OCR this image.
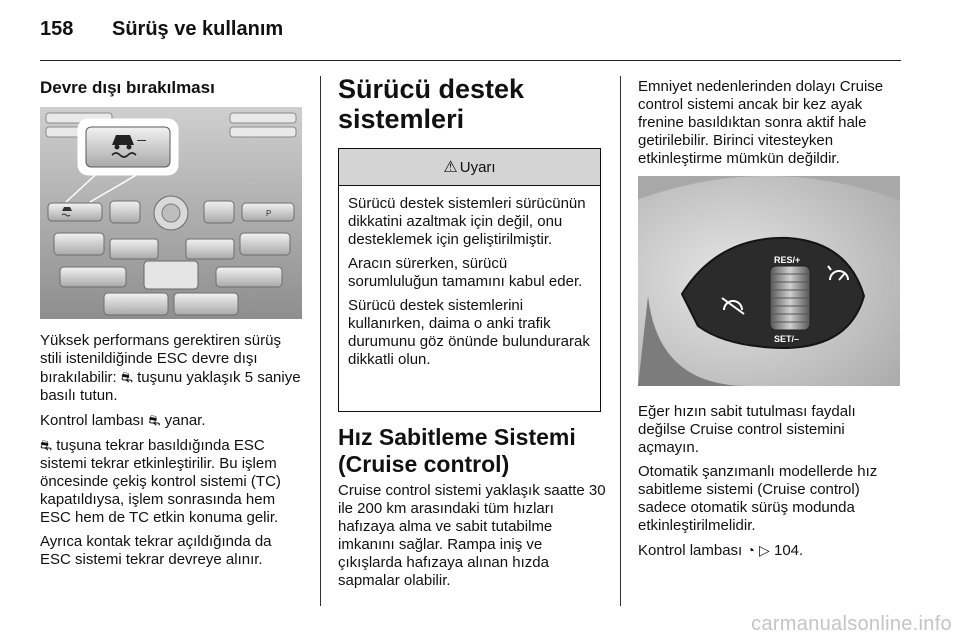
158 Sürüş ve kullanım
Devre dışı bırakılması
P
—

Yüksek performans gerektiren sürüş stili istenildiğinde ESC devre dışı bırakılabilir: ⛐ tuşunu yaklaşık 5 saniye basılı tutun.

Kontrol lambası ⛐ yanar.

⛐ tuşuna tekrar basıldığında ESC sistemi tekrar etkinleştirilir. Bu işlem öncesinde çekiş kontrol sistemi (TC) kapatıldıysa, işlem sonrasında hem ESC hem de TC etkin konuma gelir.

Ayrıca kontak tekrar açıldığında da ESC sistemi tekrar devreye alınır.

Sürücü destek
sistemleri
⚠ Uyarı

Sürücü destek sistemleri sürücünün dikkatini azaltmak için değil, onu desteklemek için geliştirilmiştir.

Aracın sürerken, sürücü sorumluluğun tamamını kabul eder.

Sürücü destek sistemlerini kullanırken, daima o anki trafik durumunu göz önünde bulundurarak dikkatli olun.

Hız Sabitleme Sistemi
(Cruise control)

Cruise control sistemi yaklaşık saatte 30 ile 200 km arasındaki tüm hızları hafızaya alma ve sabit tutabilme imkanını sağlar. Rampa iniş ve çıkışlarda hafızaya alınan hızda sapmalar olabilir.

Emniyet nedenlerinden dolayı Cruise control sistemi ancak bir kez ayak frenine basıldıktan sonra aktif hale getirilebilir. Birinci vitesteyken etkinleştirme mümkün değildir.

RES/+
SET/–

Eğer hızın sabit tutulması faydalı değilse Cruise control sistemini açmayın.

Otomatik şanzımanlı modellerde hız sabitleme sistemi (Cruise control) sadece otomatik sürüş modunda etkinleştirilmelidir.

Kontrol lambası ◔ ▷ 104.

carmanualsonline.info
